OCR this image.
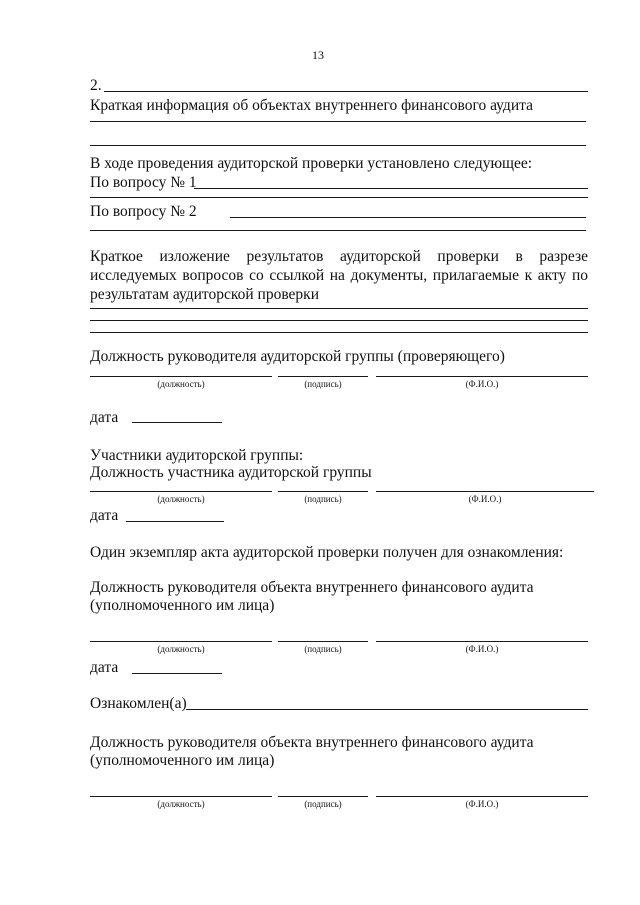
13
2.
Краткая информация об объектах внутреннего финансового аудита
В ходе проведения аудиторской проверки установлено следующее:
По вопросу № 1
По вопросу № 2
Краткое изложение результатов аудиторской проверки в разрезе исследуемых вопросов со ссылкой на документы, прилагаемые к акту по результатам аудиторской проверки
Должность руководителя аудиторской группы (проверяющего)
(должность)	(подпись)	(Ф.И.О.)
дата
Участники аудиторской группы:
Должность участника аудиторской группы
(должность)	(подпись)	(Ф.И.О.)
дата
Один экземпляр акта аудиторской проверки получен для ознакомления:
Должность руководителя объекта внутреннего финансового аудита
(уполномоченного им лица)
(должность)	(подпись)	(Ф.И.О.)
дата
Ознакомлен(а)
Должность руководителя объекта внутреннего финансового аудита
(уполномоченного им лица)
(должность)	(подпись)	(Ф.И.О.)
